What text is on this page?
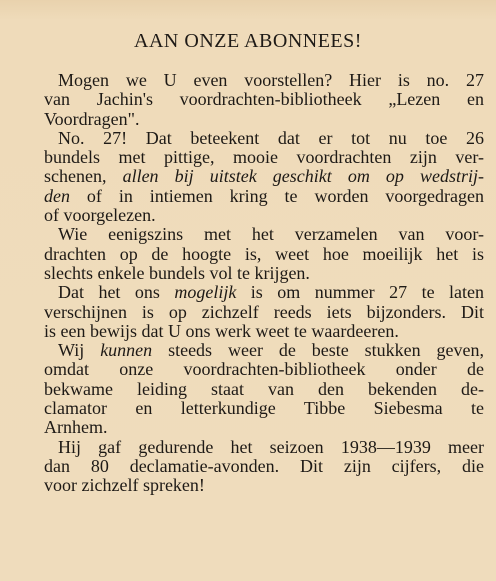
AAN ONZE ABONNEES!

Mogen we U even voorstellen? Hier is no. 27
van Jachin's voordrachten-bibliotheek „Lezen en
Voordragen".

No. 27! Dat beteekent dat er tot nu toe 26
bundels met pittige, mooie voordrachten zijn ver-
schenen, allen bij uitstek geschikt om op wedstrij-
den of in intiemen kring te worden voorgedragen
of voorgelezen.

Wie eenigszins met het verzamelen van voor-
drachten op de hoogte is, weet hoe moeilijk het is
slechts enkele bundels vol te krijgen.

Dat het ons mogelijk is om nummer 27 te laten
verschijnen is op zichzelf reeds iets bijzonders. Dit
is een bewijs dat U ons werk weet te waardeeren.

Wij kunnen steeds weer de beste stukken geven,
omdat onze voordrachten-bibliotheek onder de
bekwame leiding staat van den bekenden de-
clamator en letterkundige Tibbe Siebesma te
Arnhem.

Hij gaf gedurende het seizoen 1938—1939 meer
dan 80 declamatie-avonden. Dit zijn cijfers, die
voor zichzelf spreken!
